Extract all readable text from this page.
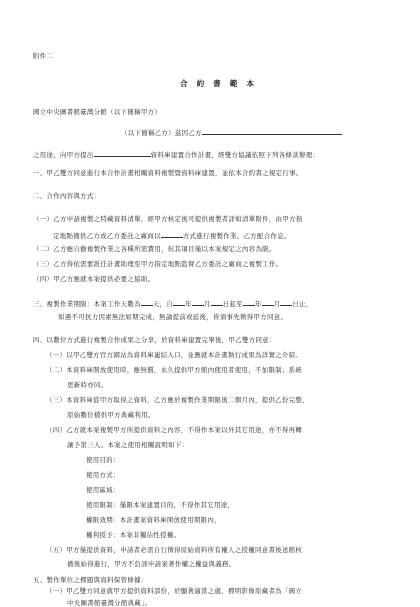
附件二
合約書範本
國立中央圖書館臺灣分館（以下簡稱甲方）
（以下簡稱乙方）茲因乙方
之用途，向甲方提出	資料庫建置合作計畫，經雙方協議依照下列各條款辦理：
一、甲乙雙方同意進行本合作計畫相關資料複製暨資料庫建置，並依本合約書之規定行事。
二、合作內容與方式：
（一）乙方申請複製之特藏資料清單，經甲方核定後可提供複製者詳如清單附件，由甲方指
定地點備供乙方或乙方委託之廠商以	方式進行複製作業。乙方配合作息。
（二）乙方應自擔複製作業之各種所需費用，但其項目僅以本案規定之內容為限。
（三）乙方得依需要派任計畫助理至甲方指定地點監督乙方委託之廠商之複製工作。
（四）甲乙方應就本案提供必要之協助。
三、複製作業期限：本案工作天數為 天，自 年 月 日起至 年 月 日止，
如遇不可抗力因素無法如期完成，無論提前或延後，皆須事先徵得甲方同意。
四、以數位方式進行複製合作成果之分享，於資料庫建置完畢後，甲乙雙方同意：
（一）以甲乙雙方官方網站為資料庫連結入口，並應就本計畫執行成果為詳實之介紹。
（二）本資料庫開放使用時，應無償，永久提供甲方館內使用者使用，不加限制；系統
更新時亦同。
（三）本資料庫從甲方取得之資料，乙方應於複製作業期限後二個月內，提供乙份完整、
原始數位檔供甲方典藏利用。
（四）乙方就本案複製甲方所提供資料之內容，不得作本案以外其它用途，亦不得再轉
讓予第三人。本案之使用相關說明如下：
使用目的：
使用方式：
使用區域：
使用限制：僅限本案建置目的，不得作其它用途，
權限效期：本計畫案資料庫開放使用期限內，
權利授予：本案非獨佔性授權。
（五）甲方僅提供資料，申請者必需自行徵得原始資料所有權人之授權同意書後送館核
備後始得進行，甲方不負該申請案著作權之權益與義務。
五、製作單位之標題與資料保管條據：
（一）甲乙雙方同意就甲方提供資料部份，於顯著適當之處，標明影像原藏者為「國立
中央圖書館臺灣分館典藏」。
